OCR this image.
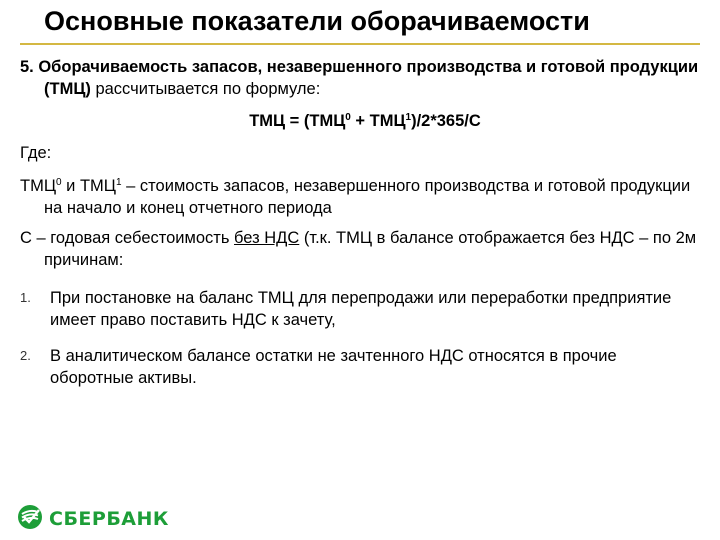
Основные показатели оборачиваемости
5. Оборачиваемость запасов, незавершенного производства и готовой продукции (ТМЦ) рассчитывается по формуле:
ТМЦ = $(ТМЦ^0 + ТМЦ^1)/2*365/С$
Где:
ТМЦ$^0$ и ТМЦ$^1$ – стоимость запасов, незавершенного производства и готовой продукции на начало и конец отчетного периода
С – годовая себестоимость без НДС (т.к. ТМЦ в балансе отображается без НДС – по 2м причинам:
1. При постановке на баланс ТМЦ для перепродажи или переработки предприятие имеет право поставить НДС к зачету,
2. В аналитическом балансе остатки не зачтенного НДС относятся в прочие оборотные активы.
СБЕРБАНК
